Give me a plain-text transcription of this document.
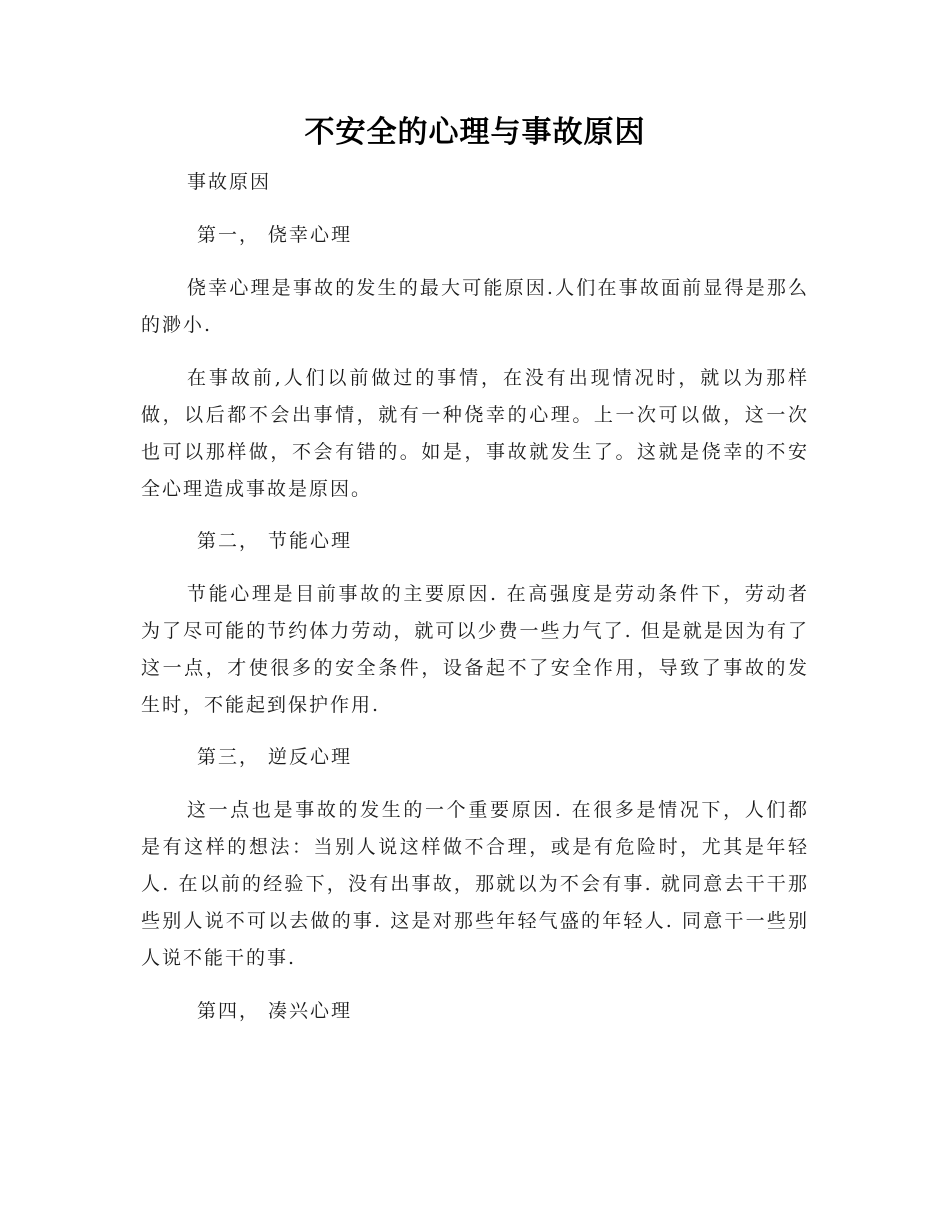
不安全的心理与事故原因
事故原因
第一， 侥幸心理

侥幸心理是事故的发生的最大可能原因.人们在事故面前显得是那么的渺小.

在事故前,人们以前做过的事情，在没有出现情况时，就以为那样做，以后都不会出事情，就有一种侥幸的心理。上一次可以做，这一次也可以那样做，不会有错的。如是，事故就发生了。这就是侥幸的不安全心理造成事故是原因。

第二， 节能心理

节能心理是目前事故的主要原因. 在高强度是劳动条件下，劳动者为了尽可能的节约体力劳动，就可以少费一些力气了. 但是就是因为有了这一点，才使很多的安全条件，设备起不了安全作用，导致了事故的发生时，不能起到保护作用.

第三， 逆反心理

这一点也是事故的发生的一个重要原因. 在很多是情况下，人们都是有这样的想法：当别人说这样做不合理，或是有危险时，尤其是年轻人. 在以前的经验下，没有出事故，那就以为不会有事. 就同意去干干那些别人说不可以去做的事. 这是对那些年轻气盛的年轻人. 同意干一些别人说不能干的事.

第四， 凑兴心理
